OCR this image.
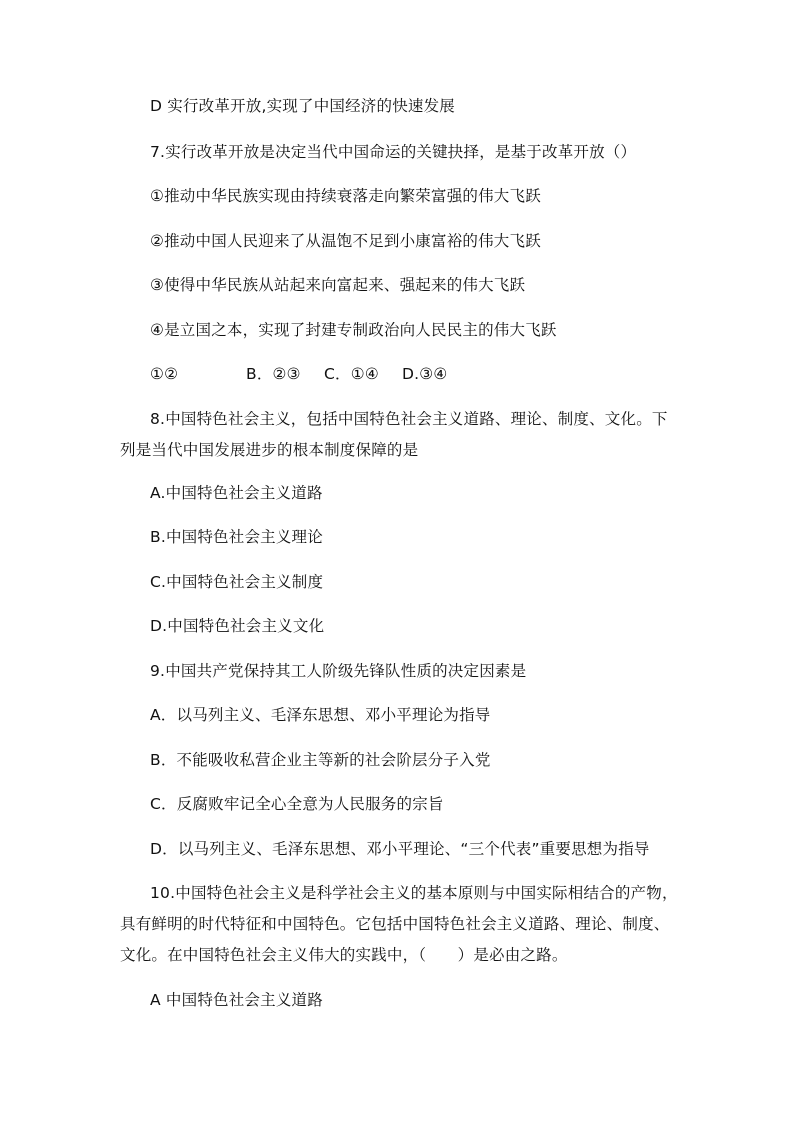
D 实行改革开放,实现了中国经济的快速发展
7.实行改革开放是决定当代中国命运的关键抉择，是基于改革开放（）
①推动中华民族实现由持续衰落走向繁荣富强的伟大飞跃
②推动中国人民迎来了从温饱不足到小康富裕的伟大飞跃
③使得中华民族从站起来向富起来、强起来的伟大飞跃
④是立国之本，实现了封建专制政治向人民民主的伟大飞跃
①②	B．②③ C．①④ D.③④
8.中国特色社会主义，包括中国特色社会主义道路、理论、制度、文化。下
列是当代中国发展进步的根本制度保障的是
A.中国特色社会主义道路
B.中国特色社会主义理论
C.中国特色社会主义制度
D.中国特色社会主义文化
9.中国共产党保持其工人阶级先锋队性质的决定因素是
A．以马列主义、毛泽东思想、邓小平理论为指导
B．不能吸收私营企业主等新的社会阶层分子入党
C．反腐败牢记全心全意为人民服务的宗旨
D．以马列主义、毛泽东思想、邓小平理论、“三个代表”重要思想为指导
10.中国特色社会主义是科学社会主义的基本原则与中国实际相结合的产物，
具有鲜明的时代特征和中国特色。它包括中国特色社会主义道路、理论、制度、
文化。在中国特色社会主义伟大的实践中，（　　）是必由之路。
A 中国特色社会主义道路
